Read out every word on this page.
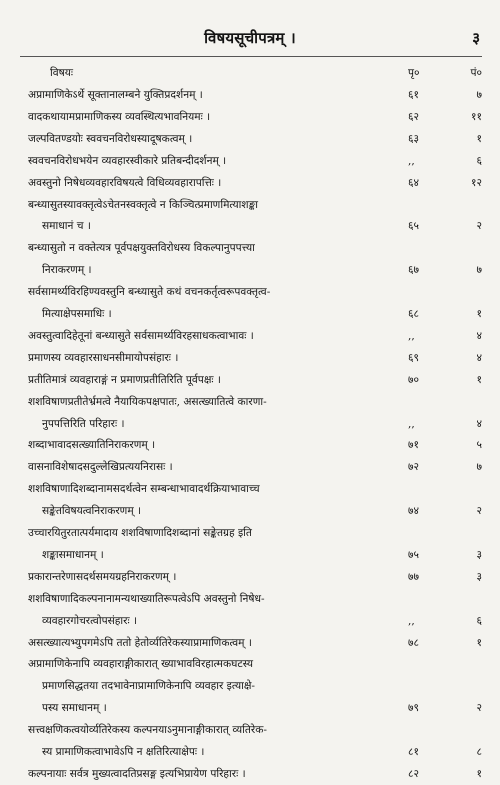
विषयसूचीपत्रम् ।	३
विषयः	पृ०	पं०
अप्रामाणिकेऽर्थे सूक्तानालम्बने युक्तिप्रदर्शनम् ।	६१	७
वादकथायामप्रामाणिकस्य व्यवस्थित्यभावनियमः ।	६२	११
जल्पवितण्डयोः स्ववचनविरोधस्यादूषकत्वम् ।	६३	१
स्ववचनविरोधभयेन व्यवहारस्वीकारे प्रतिबन्दीदर्शनम् ।	,,	६
अवस्तुनो निषेधव्यवहारविषयत्वे विधिव्यवहारापत्तिः ।	६४	१२
बन्ध्यासुतस्यावक्तृत्वेऽचेतनस्वक्तृत्वे न किञ्चित्प्रमाणमित्याशङ्का
समाधानं च ।	६५	२
बन्ध्यासुतो न वक्तेत्यत्र पूर्वपक्षयुक्तविरोधस्य विकल्पानुपपत्त्या
निराकरणम् ।	६७	७
सर्वसामर्थ्यविरहिण्यवस्तुनि बन्ध्यासुते कथं वचनकर्तृत्वरूपवक्तृत्व-
मित्याक्षेपसमाधिः ।	६८	१
अवस्तुत्वादिहेतूनां बन्ध्यासुते सर्वसामर्थ्यविरहसाधकत्वाभावः ।	,,	४
प्रमाणस्य व्यवहारसाधनसीमायोपसंहारः ।	६९	४
प्रतीतिमात्रं व्यवहाराङ्गं न प्रमाणप्रतीतिरिति पूर्वपक्षः ।	७०	१
शशविषाणप्रतीतेर्भ्रमत्वे नैयायिकपक्षपातः, असत्ख्यातित्वे कारणा-
नुपपत्तिरिति परिहारः ।	,,	४
शब्दाभावादसत्ख्यातिनिराकरणम् ।	७१	५
वासनाविशेषादसदुल्लेखिप्रत्ययनिरासः ।	७२	७
शशविषाणादिशब्दानामसदर्थत्वेन सम्बन्धाभावादर्थक्रियाभावाच्च
सङ्केतविषयत्वनिराकरणम् ।	७४	२
उच्चारयितुरतात्पर्यमादाय शशविषाणादिशब्दानां सङ्केतग्रह इति
शङ्कासमाधानम् ।	७५	३
प्रकारान्तरेणासदर्थसमयग्रहनिराकरणम् ।	७७	३
शशविषाणादिकल्पनानामन्यथाख्यातिरूपत्वेऽपि अवस्तुनो निषेध-
व्यवहारगोचरत्वोपसंहारः ।	,,	६
असत्ख्यात्यभ्युपगमेऽपि ततो हेतोर्व्यतिरेकस्याप्रामाणिकत्वम् ।	७८	१
अप्रामाणिकेनापि व्यवहाराङ्गीकारात् ख्याभावविरहात्मकघटस्य
प्रमाणसिद्धतया तदभावेनाप्रामाणिकेनापि व्यवहार इत्याक्षे-
पस्य समाधानम् ।	७९	२
सत्त्वक्षणिकत्वयोर्व्यतिरेकस्य कल्पनयाऽनुमानाङ्गीकारात् व्यतिरेक-
स्य प्रामाणिकत्वाभावेऽपि न क्षतिरित्याक्षेपः ।	८१	८
कल्पनायाः सर्वत्र मुख्यत्वादतिप्रसङ्ग इत्यभिप्रायेण परिहारः ।	८२	१
